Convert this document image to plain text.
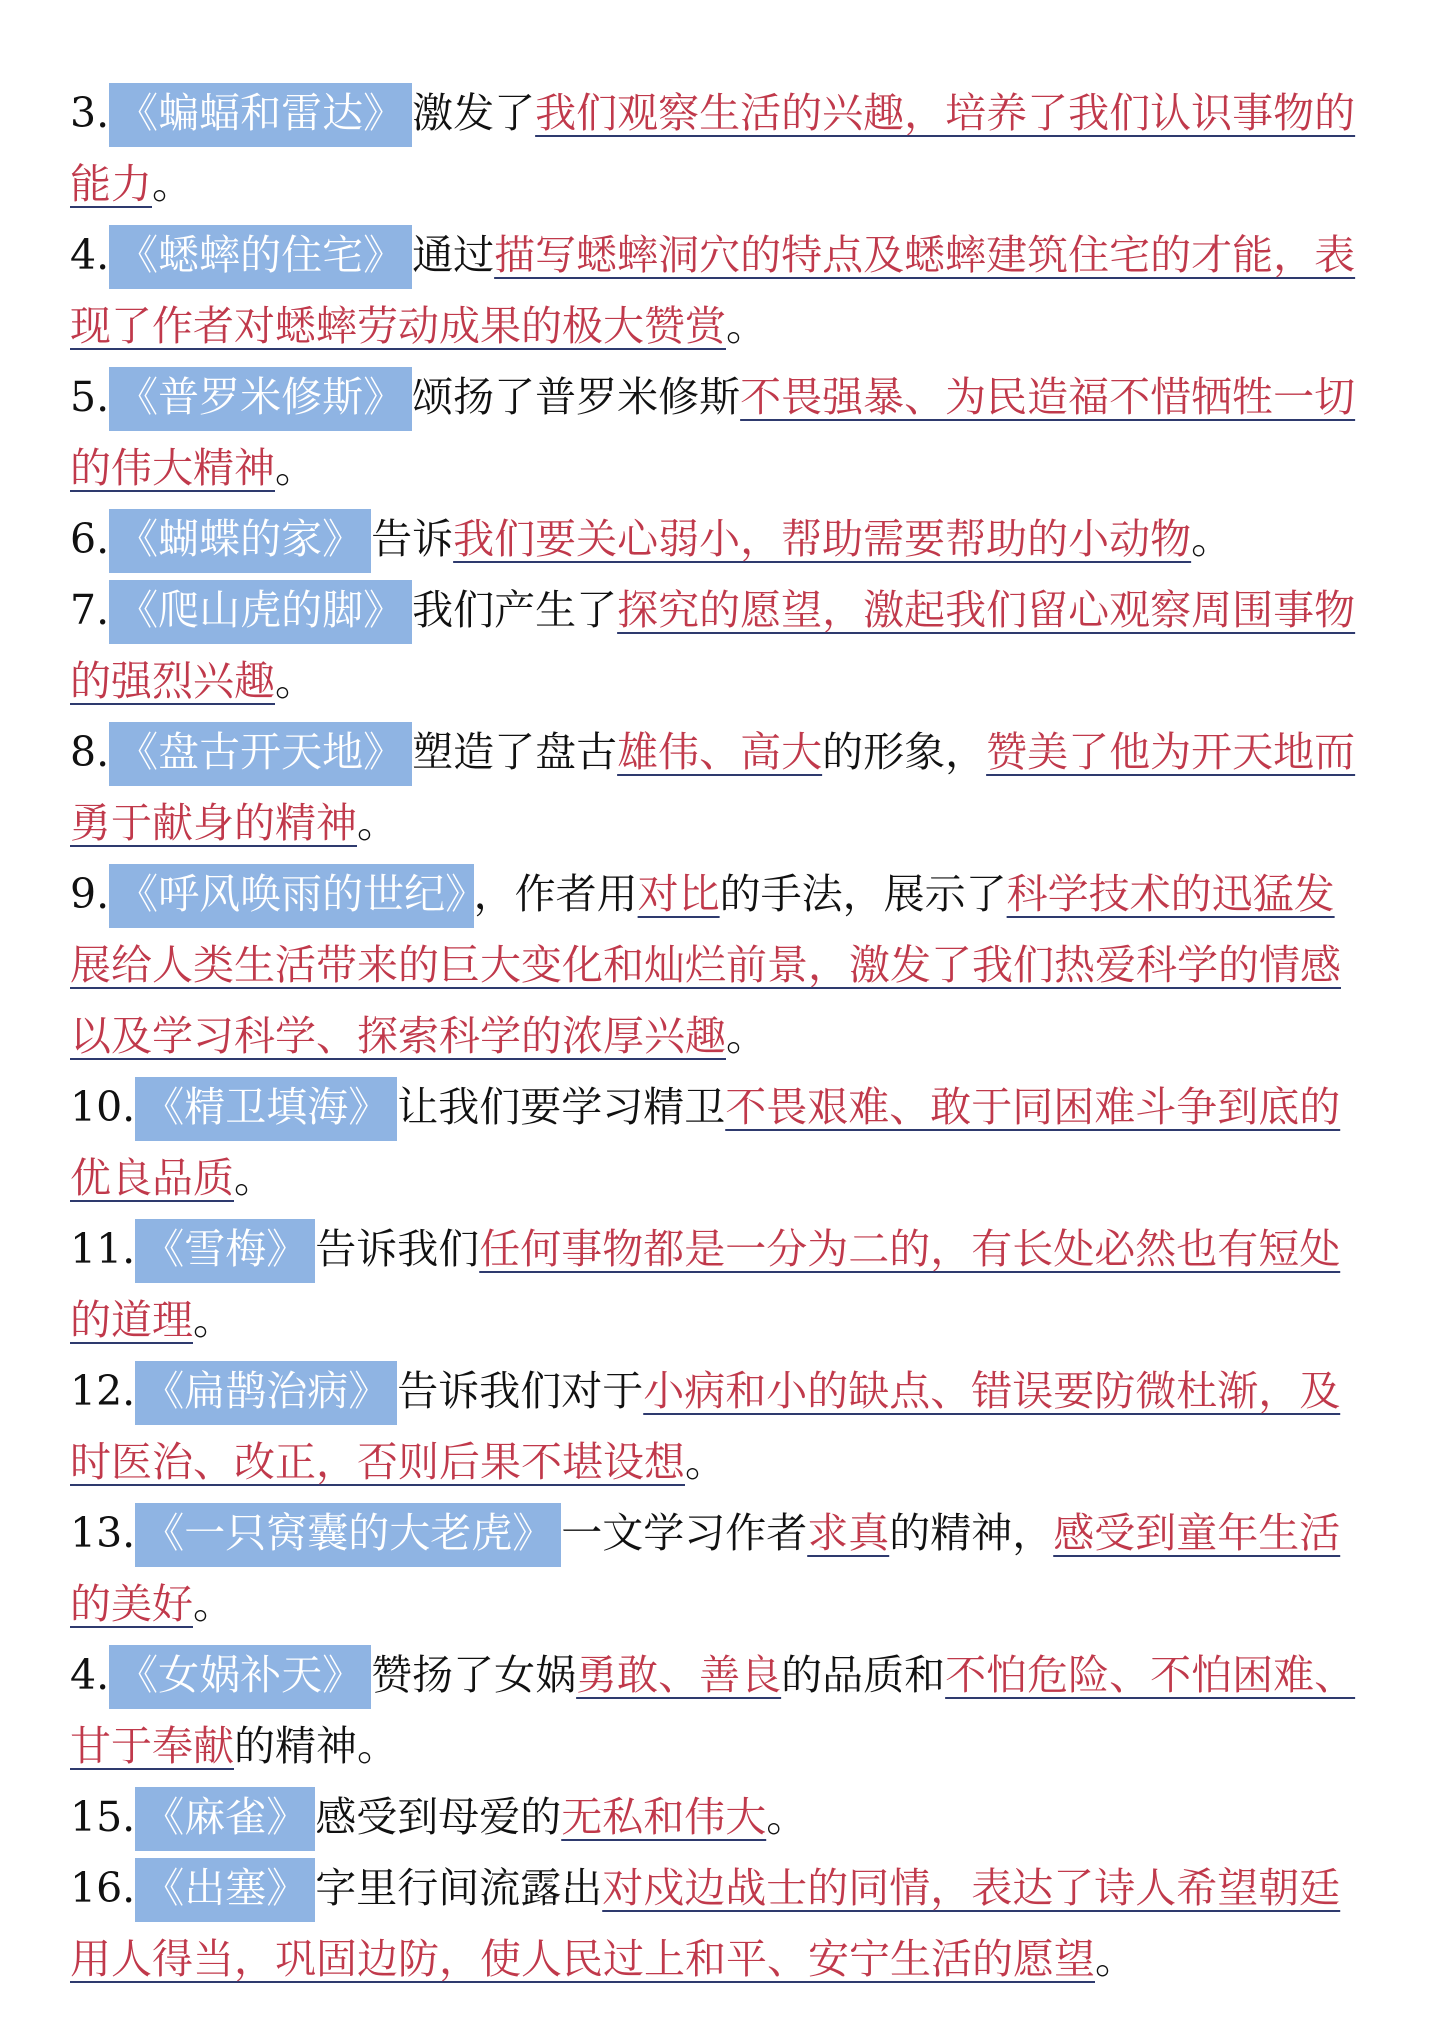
3. 《蝙蝠和雷达》 激发了我们观察生活的兴趣，培养了我们认识事物的能力。
4. 《蟋蟀的住宅》 通过描写蟋蟀洞穴的特点及蟋蟀建筑住宅的才能，表现了作者对蟋蟀劳动成果的极大赞赏。
5. 《普罗米修斯》 颂扬了普罗米修斯不畏强暴、为民造福不惜牺牲一切的伟大精神。
6. 《蝴蝶的家》 告诉我们要关心弱小，帮助需要帮助的小动物。
7. 《爬山虎的脚》 我们产生了探究的愿望，激起我们留心观察周围事物的强烈兴趣。
8. 《盘古开天地》 塑造了盘古雄伟、高大的形象，赞美了他为开天地而勇于献身的精神。
9. 《呼风唤雨的世纪》 ，作者用对比的手法，展示了科学技术的迅猛发展给人类生活带来的巨大变化和灿烂前景，激发了我们热爱科学的情感以及学习科学、探索科学的浓厚兴趣。
10. 《精卫填海》 让我们要学习精卫不畏艰难、敢于同困难斗争到底的优良品质。
11. 《雪梅》 告诉我们任何事物都是一分为二的，有长处必然也有短处的道理。
12. 《扁鹊治病》 告诉我们对于小病和小的缺点、错误要防微杜渐，及时医治、改正，否则后果不堪设想。
13. 《一只窝囊的大老虎》 一文学习作者求真的精神，感受到童年生活的美好。
4. 《女娲补天》 赞扬了女娲勇敢、善良的品质和不怕危险、不怕困难、甘于奉献的精神。
15. 《麻雀》 感受到母爱的无私和伟大。
16. 《出塞》 字里行间流露出对戍边战士的同情，表达了诗人希望朝廷用人得当，巩固边防，使人民过上和平、安宁生活的愿望。
